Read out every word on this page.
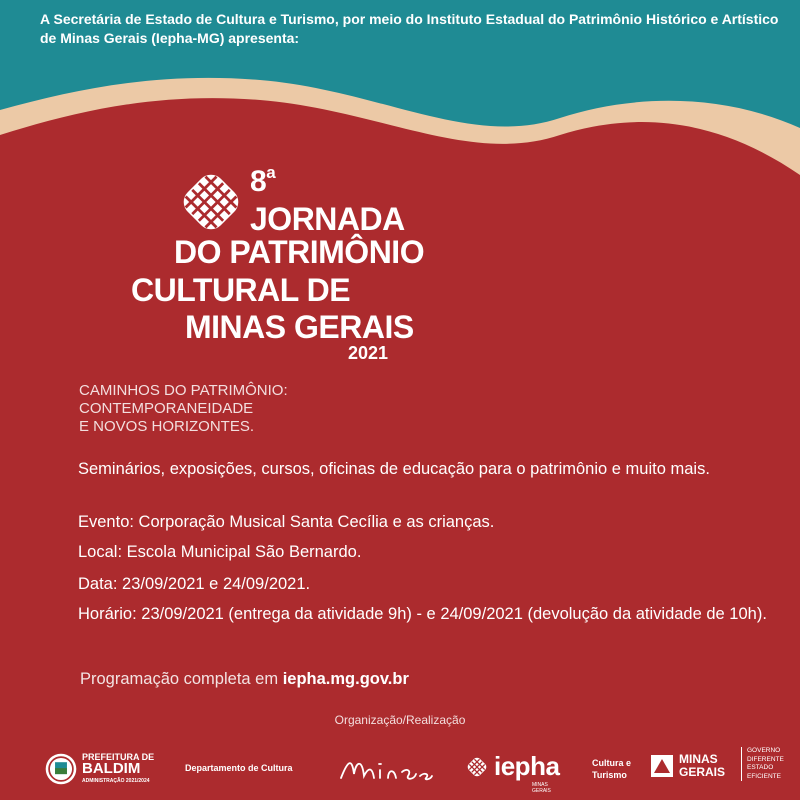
A Secretária de Estado de Cultura e Turismo, por meio do Instituto Estadual do Patrimônio Histórico e Artístico de Minas Gerais (Iepha-MG) apresenta:
8$^a$
JORNADA
DO PATRIMÔNIO
CULTURAL DE
MINAS GERAIS
2021
CAMINHOS DO PATRIMÔNIO:
CONTEMPORANEIDADE
E NOVOS HORIZONTES.
Seminários, exposições, cursos, oficinas de educação para o patrimônio e muito mais.
Evento: Corporação Musical Santa Cecília e as crianças.
Local: Escola Municipal São Bernardo.
Data: 23/09/2021 e 24/09/2021.
Horário: 23/09/2021 (entrega da atividade 9h) - e 24/09/2021 (devolução da atividade de 10h).
Programação completa em iepha.mg.gov.br
Organização/Realização
PREFEITURA DE
BALDIM
ADMINISTRAÇÃO 2021/2024
Departamento de Cultura	iepha
MINAS GERAIS
Cultura e
Turismo
MINAS
GERAIS
GOVERNO
DIFERENTE
ESTADO
EFICIENTE
